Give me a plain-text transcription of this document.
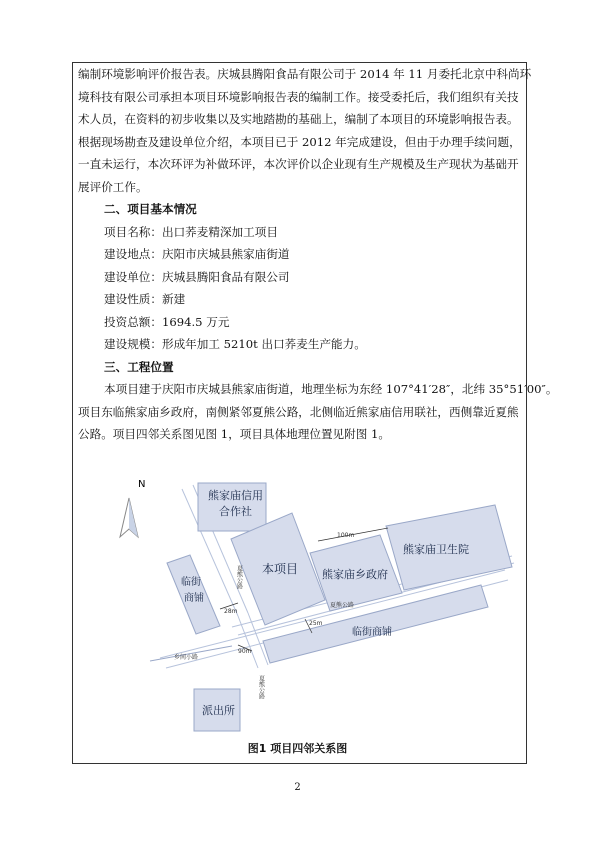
编制环境影响评价报告表。庆城县腾阳食品有限公司于 2014 年 11 月委托北京中科尚环
境科技有限公司承担本项目环境影响报告表的编制工作。接受委托后，我们组织有关技
术人员，在资料的初步收集以及实地踏勘的基础上，编制了本项目的环境影响报告表。
根据现场勘查及建设单位介绍，本项目已于 2012 年完成建设，但由于办理手续问题，
一直未运行，本次环评为补做环评，本次评价以企业现有生产规模及生产现状为基础开
展评价工作。
二、项目基本情况
项目名称：出口荞麦精深加工项目
建设地点：庆阳市庆城县熊家庙街道
建设单位：庆城县腾阳食品有限公司
建设性质：新建
投资总额：1694.5 万元
建设规模：形成年加工 5210t 出口荞麦生产能力。
三、工程位置
本项目建于庆阳市庆城县熊家庙街道，地理坐标为东经 107°41′28″，北纬 35°51′00″。
项目东临熊家庙乡政府，南侧紧邻夏熊公路，北侧临近熊家庙信用联社，西侧靠近夏熊
公路。项目四邻关系图见图 1，项目具体地理位置见附图 1。
N
熊家庙信用
合作社
本项目 熊家庙乡政府
熊家庙卫生院
临街
商铺
临街商铺
派出所
夏熊公路
夏熊公路
夏熊公路
乡间小路
100m
28m
25m
90m
图1 项目四邻关系图
2
